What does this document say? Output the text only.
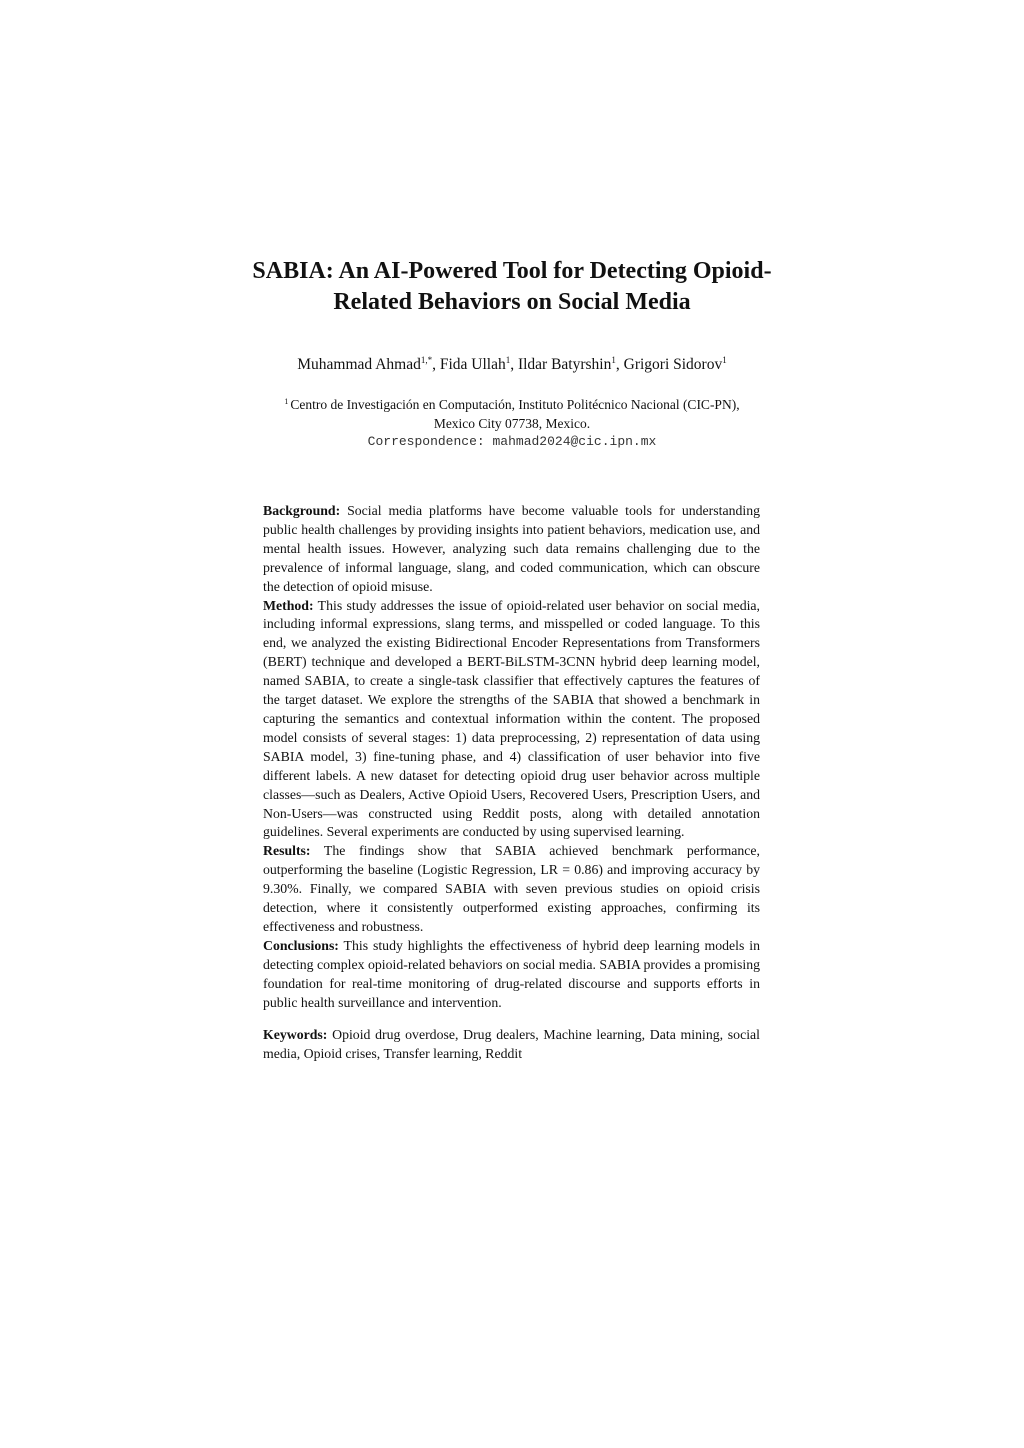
SABIA: An AI-Powered Tool for Detecting Opioid-
Related Behaviors on Social Media
Muhammad Ahmad$^{1,*}$, Fida Ullah$^1$, Ildar Batyrshin$^1$, Grigori Sidorov$^1$
$^1$ Centro de Investigación en Computación, Instituto Politécnico Nacional (CIC-PN),
Mexico City 07738, Mexico.
Correspondence: mahmad2024@cic.ipn.mx

Background: Social media platforms have become valuable tools for understanding public health challenges by providing insights into patient behaviors, medication use, and mental health issues. However, analyzing such data remains challenging due to the prevalence of informal language, slang, and coded communication, which can obscure the detection of opioid misuse.

Method: This study addresses the issue of opioid-related user behavior on social media, including informal expressions, slang terms, and misspelled or coded language. To this end, we analyzed the existing Bidirectional Encoder Representations from Transformers (BERT) technique and developed a BERT-BiLSTM-3CNN hybrid deep learning model, named SABIA, to create a single-task classifier that effectively captures the features of the target dataset. We explore the strengths of the SABIA that showed a benchmark in capturing the semantics and contextual information within the content. The proposed model consists of several stages: 1) data preprocessing, 2) representation of data using SABIA model, 3) fine-tuning phase, and 4) classification of user behavior into five different labels. A new dataset for detecting opioid drug user behavior across multiple classes—such as Dealers, Active Opioid Users, Recovered Users, Prescription Users, and Non-Users—was constructed using Reddit posts, along with detailed annotation guidelines. Several experiments are conducted by using supervised learning.

Results: The findings show that SABIA achieved benchmark performance, outperforming the baseline (Logistic Regression, LR = 0.86) and improving accuracy by 9.30%. Finally, we compared SABIA with seven previous studies on opioid crisis detection, where it consistently outperformed existing approaches, confirming its effectiveness and robustness.

Conclusions: This study highlights the effectiveness of hybrid deep learning models in detecting complex opioid-related behaviors on social media. SABIA provides a promising foundation for real-time monitoring of drug-related discourse and supports efforts in public health surveillance and intervention.

Keywords: Opioid drug overdose, Drug dealers, Machine learning, Data mining, social media, Opioid crises, Transfer learning, Reddit
